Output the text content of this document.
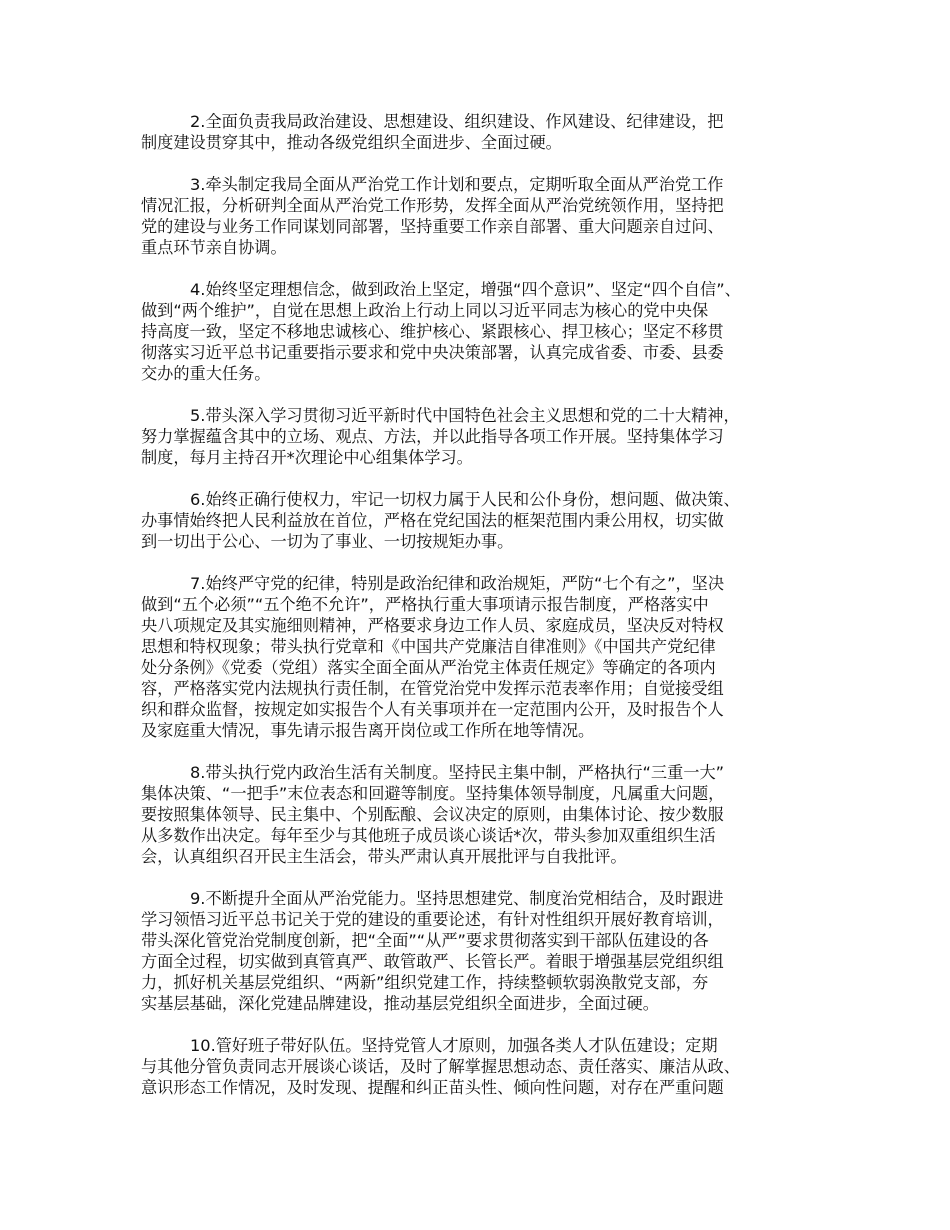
2.全面负责我局政治建设、思想建设、组织建设、作风建设、纪律建设，把
制度建设贯穿其中，推动各级党组织全面进步、全面过硬。
3.牵头制定我局全面从严治党工作计划和要点，定期听取全面从严治党工作
情况汇报，分析研判全面从严治党工作形势，发挥全面从严治党统领作用，坚持把
党的建设与业务工作同谋划同部署，坚持重要工作亲自部署、重大问题亲自过问、
重点环节亲自协调。
4.始终坚定理想信念，做到政治上坚定，增强“四个意识”、坚定“四个自信”、
做到“两个维护”，自觉在思想上政治上行动上同以习近平同志为核心的党中央保
持高度一致，坚定不移地忠诚核心、维护核心、紧跟核心、捍卫核心；坚定不移贯
彻落实习近平总书记重要指示要求和党中央决策部署，认真完成省委、市委、县委
交办的重大任务。
5.带头深入学习贯彻习近平新时代中国特色社会主义思想和党的二十大精神，
努力掌握蕴含其中的立场、观点、方法，并以此指导各项工作开展。坚持集体学习
制度，每月主持召开*次理论中心组集体学习。
6.始终正确行使权力，牢记一切权力属于人民和公仆身份，想问题、做决策、
办事情始终把人民利益放在首位，严格在党纪国法的框架范围内秉公用权，切实做
到一切出于公心、一切为了事业、一切按规矩办事。
7.始终严守党的纪律，特别是政治纪律和政治规矩，严防“七个有之”，坚决
做到“五个必须”“五个绝不允许”，严格执行重大事项请示报告制度，严格落实中
央八项规定及其实施细则精神，严格要求身边工作人员、家庭成员，坚决反对特权
思想和特权现象；带头执行党章和《中国共产党廉洁自律准则》《中国共产党纪律
处分条例》《党委（党组）落实全面全面从严治党主体责任规定》等确定的各项内
容，严格落实党内法规执行责任制，在管党治党中发挥示范表率作用；自觉接受组
织和群众监督，按规定如实报告个人有关事项并在一定范围内公开，及时报告个人
及家庭重大情况，事先请示报告离开岗位或工作所在地等情况。
8.带头执行党内政治生活有关制度。坚持民主集中制，严格执行“三重一大”
集体决策、“一把手”末位表态和回避等制度。坚持集体领导制度，凡属重大问题，
要按照集体领导、民主集中、个别酝酿、会议决定的原则，由集体讨论、按少数服
从多数作出决定。每年至少与其他班子成员谈心谈话*次，带头参加双重组织生活
会，认真组织召开民主生活会，带头严肃认真开展批评与自我批评。
9.不断提升全面从严治党能力。坚持思想建党、制度治党相结合，及时跟进
学习领悟习近平总书记关于党的建设的重要论述，有针对性组织开展好教育培训，
带头深化管党治党制度创新，把“全面”“从严”要求贯彻落实到干部队伍建设的各
方面全过程，切实做到真管真严、敢管敢严、长管长严。着眼于增强基层党组织组
力，抓好机关基层党组织、“两新”组织党建工作，持续整顿软弱涣散党支部，夯
实基层基础，深化党建品牌建设，推动基层党组织全面进步，全面过硬。
10.管好班子带好队伍。坚持党管人才原则，加强各类人才队伍建设；定期
与其他分管负责同志开展谈心谈话，及时了解掌握思想动态、责任落实、廉洁从政、
意识形态工作情况，及时发现、提醒和纠正苗头性、倾向性问题，对存在严重问题
